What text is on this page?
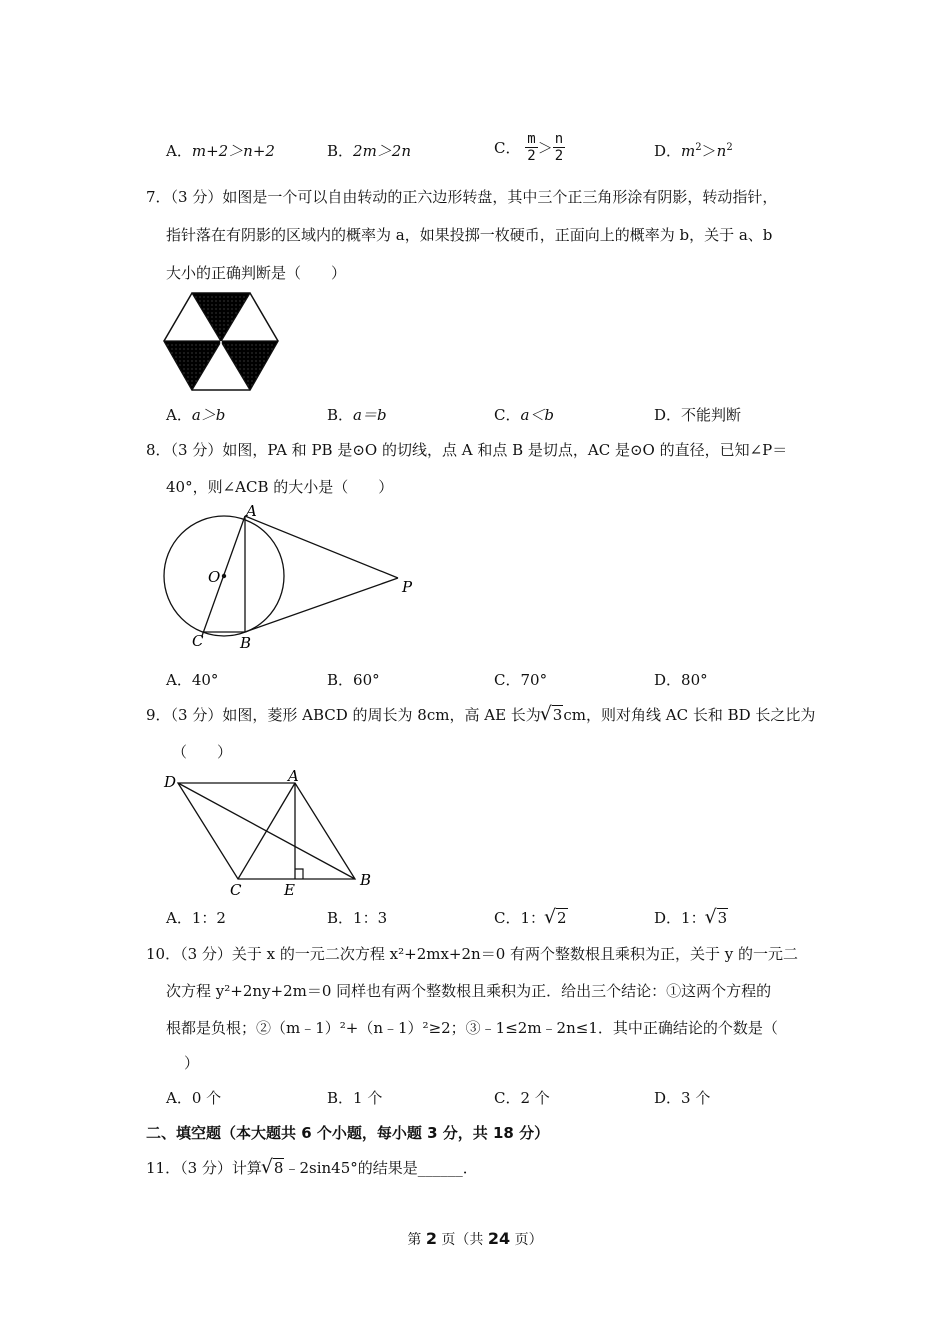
A．m+2＞n+2	B．2m＞2n	C． $\frac{m}{2} > \frac{n}{2}$	D．$m^2>n^2$
7．（3 分）如图是一个可以自由转动的正六边形转盘，其中三个正三角形涂有阴影，转动指针，
指针落在有阴影的区域内的概率为 a，如果投掷一枚硬币，正面向上的概率为 b，关于 a、b
大小的正确判断是（　　）
A．a＞b	B．a＝b	C．a＜b	D．不能判断
8．（3 分）如图，PA 和 PB 是⊙O 的切线，点 A 和点 B 是切点，AC 是⊙O 的直径，已知∠P＝
40°，则∠ACB 的大小是（　　）
A
O
P
C B
A．40°	B．60°	C．70°	D．80°
9．（3 分）如图，菱形 ABCD 的周长为 8cm，高 AE 长为 √ 3cm，则对角线 AC 长和 BD 长之比为
（　　）
D	A
C	E
B
A．1：2	B．1：3	C．1： √ 2	D．1： √ 3
10．（3 分）关于 x 的一元二次方程 x²+2mx+2n＝0 有两个整数根且乘积为正，关于 y 的一元二
次方程 y²+2ny+2m＝0 同样也有两个整数根且乘积为正．给出三个结论：①这两个方程的
根都是负根；②（m﹣1）²+（n﹣1）²≥2；③﹣1≤2m﹣2n≤1．其中正确结论的个数是（
）
A．0 个	B．1 个	C．2 个	D．3 个
二、填空题（本大题共 6 个小题，每小题 3 分，共 18 分）
11．（3 分）计算 √ 8﹣2sin45°的结果是______．
第 2 页（共 24 页）
